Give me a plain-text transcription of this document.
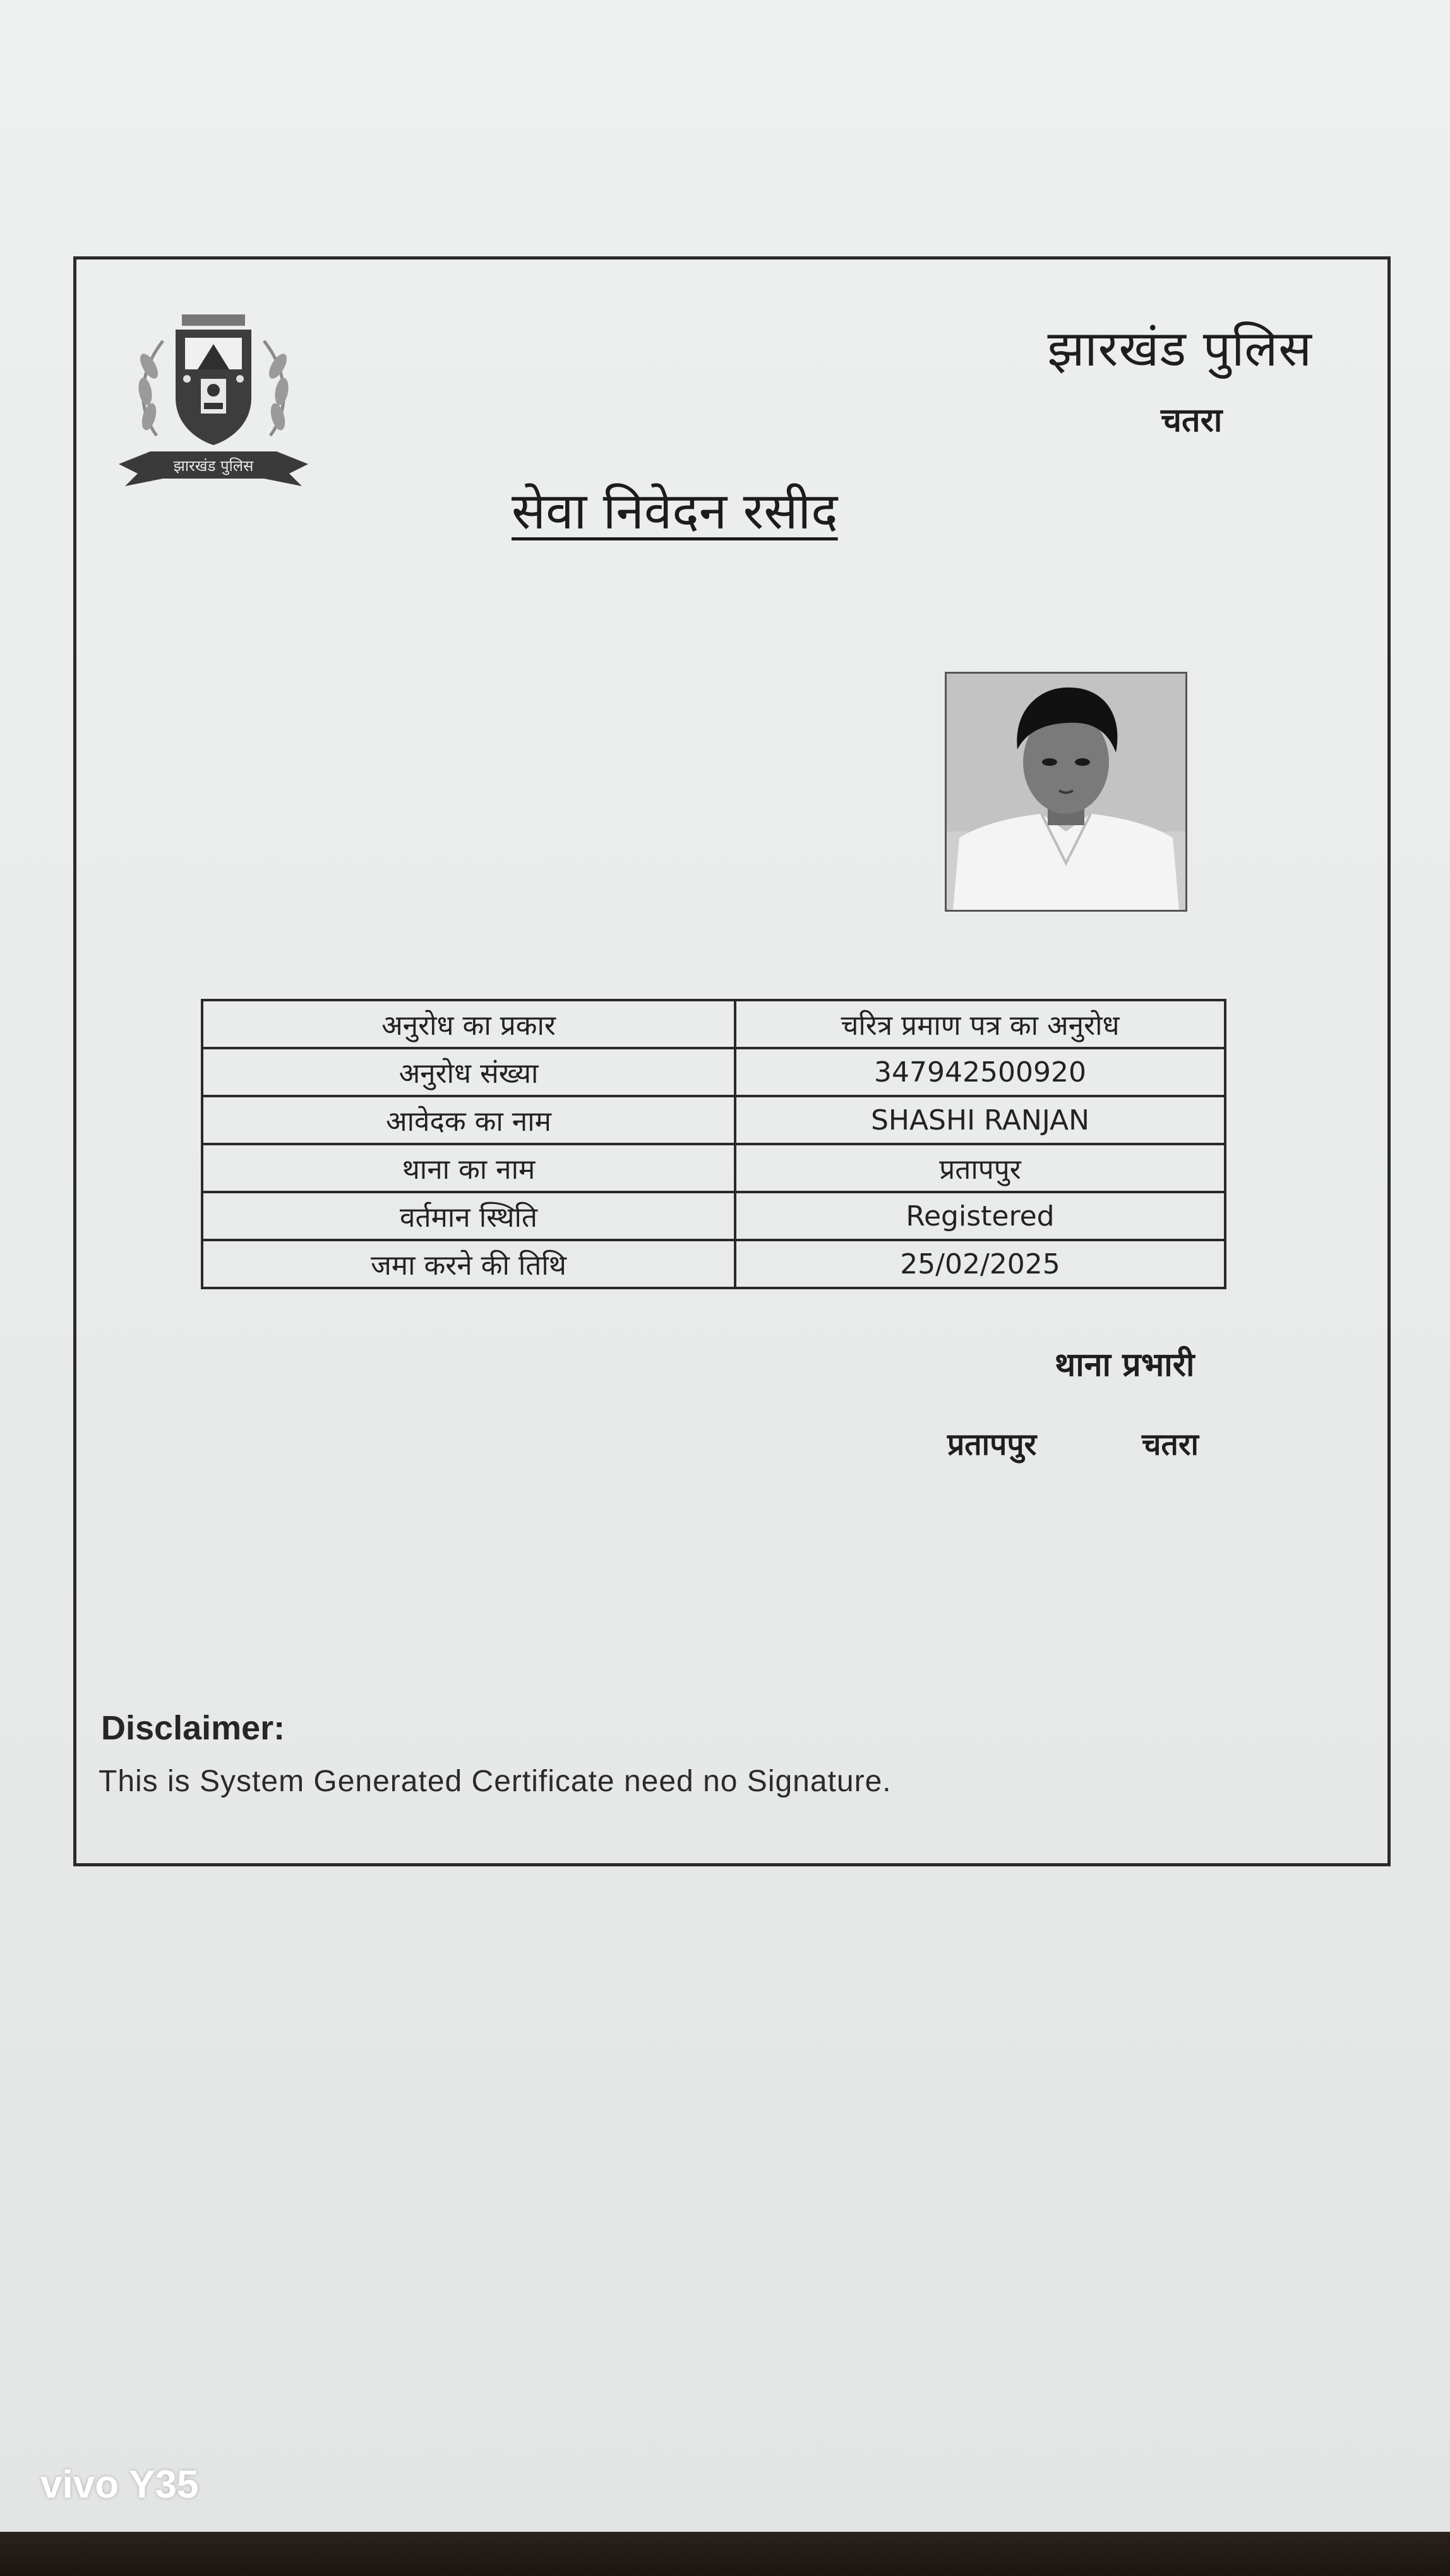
झारखंड पुलिस
झारखंड पुलिस
चतरा
सेवा निवेदन रसीद
अनुरोध का प्रकार	चरित्र प्रमाण पत्र का अनुरोध
अनुरोध संख्या	347942500920
आवेदक का नाम	SHASHI RANJAN
थाना का नाम	प्रतापपुर
वर्तमान स्थिति	Registered
जमा करने की तिथि	25/02/2025
थाना प्रभारी
प्रतापपुर	चतरा
Disclaimer:
This is System Generated Certificate need no Signature.
vivo Y35
